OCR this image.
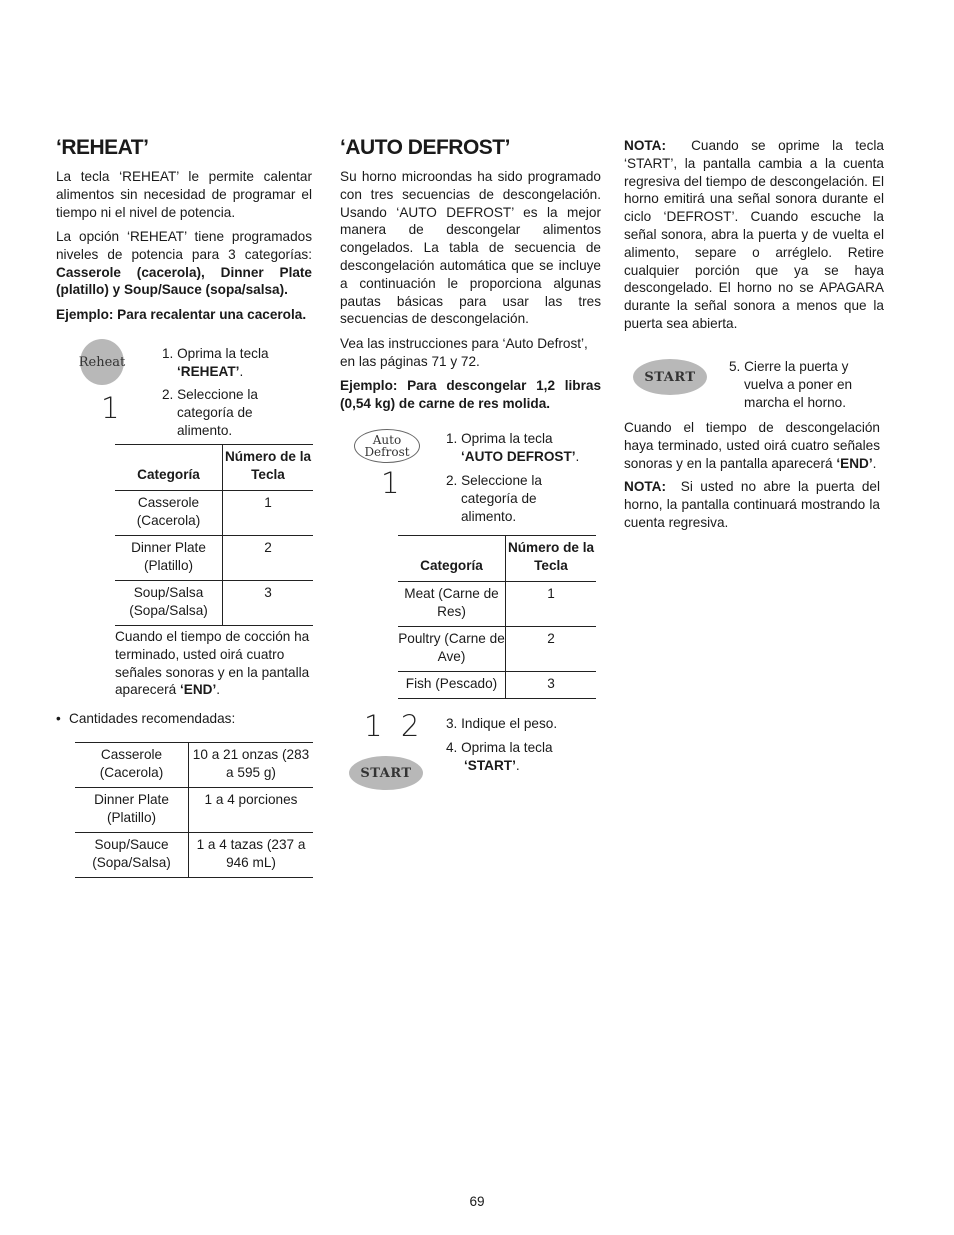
‘REHEAT’

La tecla ‘REHEAT’ le permite calentar alimentos sin necesidad de programar el tiempo ni el nivel de potencia.

La opción ‘REHEAT’ tiene programados niveles de potencia para 3 categorías: Casserole (cacerola), Dinner Plate (platillo) y Soup/Sauce (sopa/salsa).

Ejemplo: Para recalentar una cacerola.

Reheat
1
1. Oprima la tecla
‘REHEAT’.
2. Seleccione la categoría de alimento.
Categoría	Número de la Tecla
Casserole (Cacerola)	1
Dinner Plate (Platillo)	2
Soup/Salsa (Sopa/Salsa)	3

Cuando el tiempo de cocción ha terminado, usted oirá cuatro señales sonoras y en la pantalla aparecerá ‘END’.

• Cantidades recomendadas:
Casserole (Cacerola)	10 a 21 onzas (283 a 595 g)
Dinner Plate (Platillo)	1 a 4 porciones
Soup/Sauce (Sopa/Salsa)	1 a 4 tazas (237 a 946 mL)
‘AUTO DEFROST’

Su horno microondas ha sido programado con tres secuencias de descongelación. Usando ‘AUTO DEFROST’ es la mejor manera de descongelar alimentos congelados. La tabla de secuencia de descongelación automática que se incluye a continuación le proporciona algunas pautas básicas para usar las tres secuencias de descongelación.

Vea las instrucciones para ‘Auto Defrost’, en las páginas 71 y 72.

Ejemplo: Para descongelar 1,2 libras (0,54 kg) de carne de res molida.

Auto
Defrost
1
1. Oprima la tecla
‘AUTO DEFROST’.
2. Seleccione la categoría de alimento.
Categoría	Número de la Tecla
Meat (Carne de Res)	1
Poultry (Carne de Ave)	2
Fish (Pescado)	3
1  2
START
3. Indique el peso.
4. Oprima la tecla
‘START’.

NOTA: Cuando se oprime la tecla ‘START’, la pantalla cambia a la cuenta regresiva del tiempo de descongelación. El horno emitirá una señal sonora durante el ciclo ‘DEFROST’. Cuando escuche la señal sonora, abra la puerta y de vuelta el alimento, separe o arréglelo. Retire cualquier porción que ya se haya descongelado. El horno no se APAGARA durante la señal sonora a menos que la puerta sea abierta.

START
5. Cierre la puerta y vuelva a poner en marcha el horno.

Cuando el tiempo de descongelación haya terminado, usted oirá cuatro señales sonoras y en la pantalla aparecerá ‘END’.

NOTA: Si usted no abre la puerta del horno, la pantalla continuará mostrando la cuenta regresiva.

69
